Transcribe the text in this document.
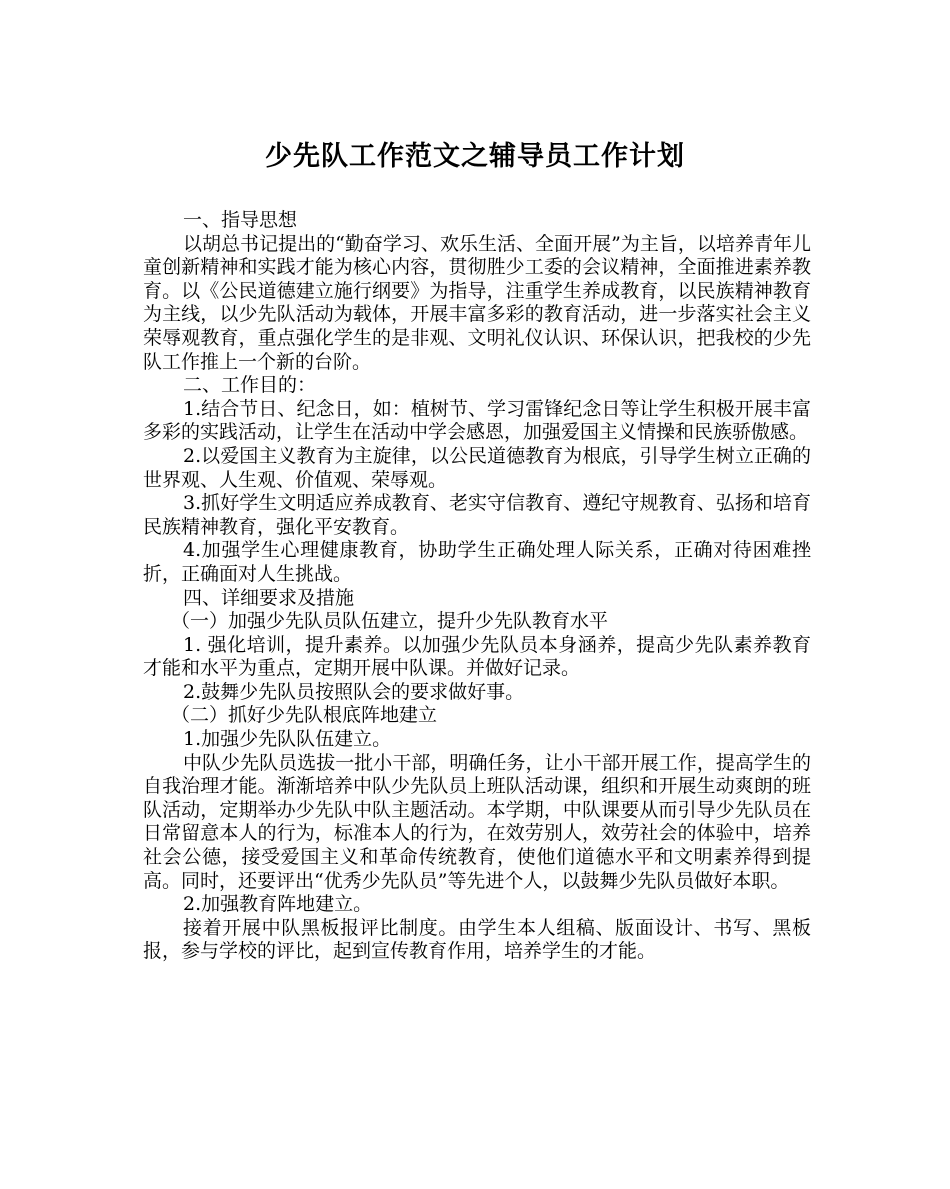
少先队工作范文之辅导员工作计划

一、指导思想

以胡总书记提出的“勤奋学习、欢乐生活、全面开展”为主旨，以培养青年儿童创新精神和实践才能为核心内容，贯彻胜少工委的会议精神，全面推进素养教育。以《公民道德建立施行纲要》为指导，注重学生养成教育，以民族精神教育为主线，以少先队活动为载体，开展丰富多彩的教育活动，进一步落实社会主义荣辱观教育，重点强化学生的是非观、文明礼仪认识、环保认识，把我校的少先队工作推上一个新的台阶。

二、工作目的：

1.结合节日、纪念日，如：植树节、学习雷锋纪念日等让学生积极开展丰富多彩的实践活动，让学生在活动中学会感恩，加强爱国主义情操和民族骄傲感。

2.以爱国主义教育为主旋律，以公民道德教育为根底，引导学生树立正确的世界观、人生观、价值观、荣辱观。

3.抓好学生文明适应养成教育、老实守信教育、遵纪守规教育、弘扬和培育民族精神教育，强化平安教育。

4.加强学生心理健康教育，协助学生正确处理人际关系，正确对待困难挫折，正确面对人生挑战。

四、详细要求及措施

（一）加强少先队员队伍建立，提升少先队教育水平

1. 强化培训，提升素养。以加强少先队员本身涵养，提高少先队素养教育才能和水平为重点，定期开展中队课。并做好记录。

2.鼓舞少先队员按照队会的要求做好事。

（二）抓好少先队根底阵地建立

1.加强少先队队伍建立。

中队少先队员选拔一批小干部，明确任务，让小干部开展工作，提高学生的自我治理才能。渐渐培养中队少先队员上班队活动课，组织和开展生动爽朗的班队活动，定期举办少先队中队主题活动。本学期，中队课要从而引导少先队员在日常留意本人的行为，标准本人的行为，在效劳别人，效劳社会的体验中，培养社会公德，接受爱国主义和革命传统教育，使他们道德水平和文明素养得到提高。同时，还要评出“优秀少先队员”等先进个人，以鼓舞少先队员做好本职。

2.加强教育阵地建立。

接着开展中队黑板报评比制度。由学生本人组稿、版面设计、书写、黑板报，参与学校的评比，起到宣传教育作用，培养学生的才能。
